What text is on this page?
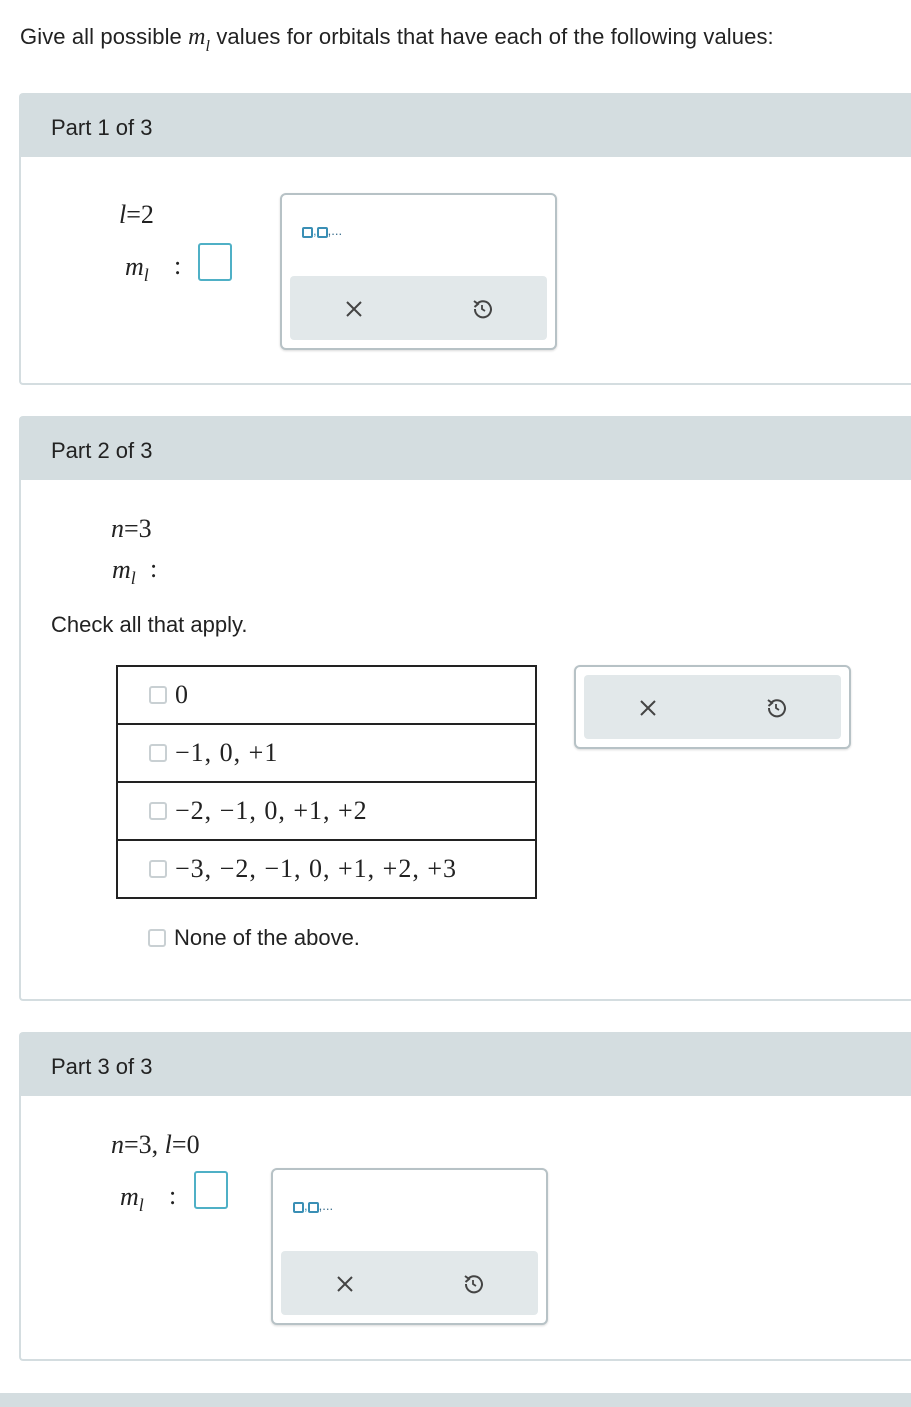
Give all possible $m_l$ values for orbitals that have each of the following values:
Part 1 of 3
l=2
$m_l$ :
, ,...
Part 2 of 3
n=3
$m_l$ :
Check all that apply.
0

−1, 0, +1

−2, −1, 0, +1, +2

−3, −2, −1, 0, +1, +2, +3
None of the above.
Part 3 of 3
n=3, l=0
$m_l$ :	, ,...
